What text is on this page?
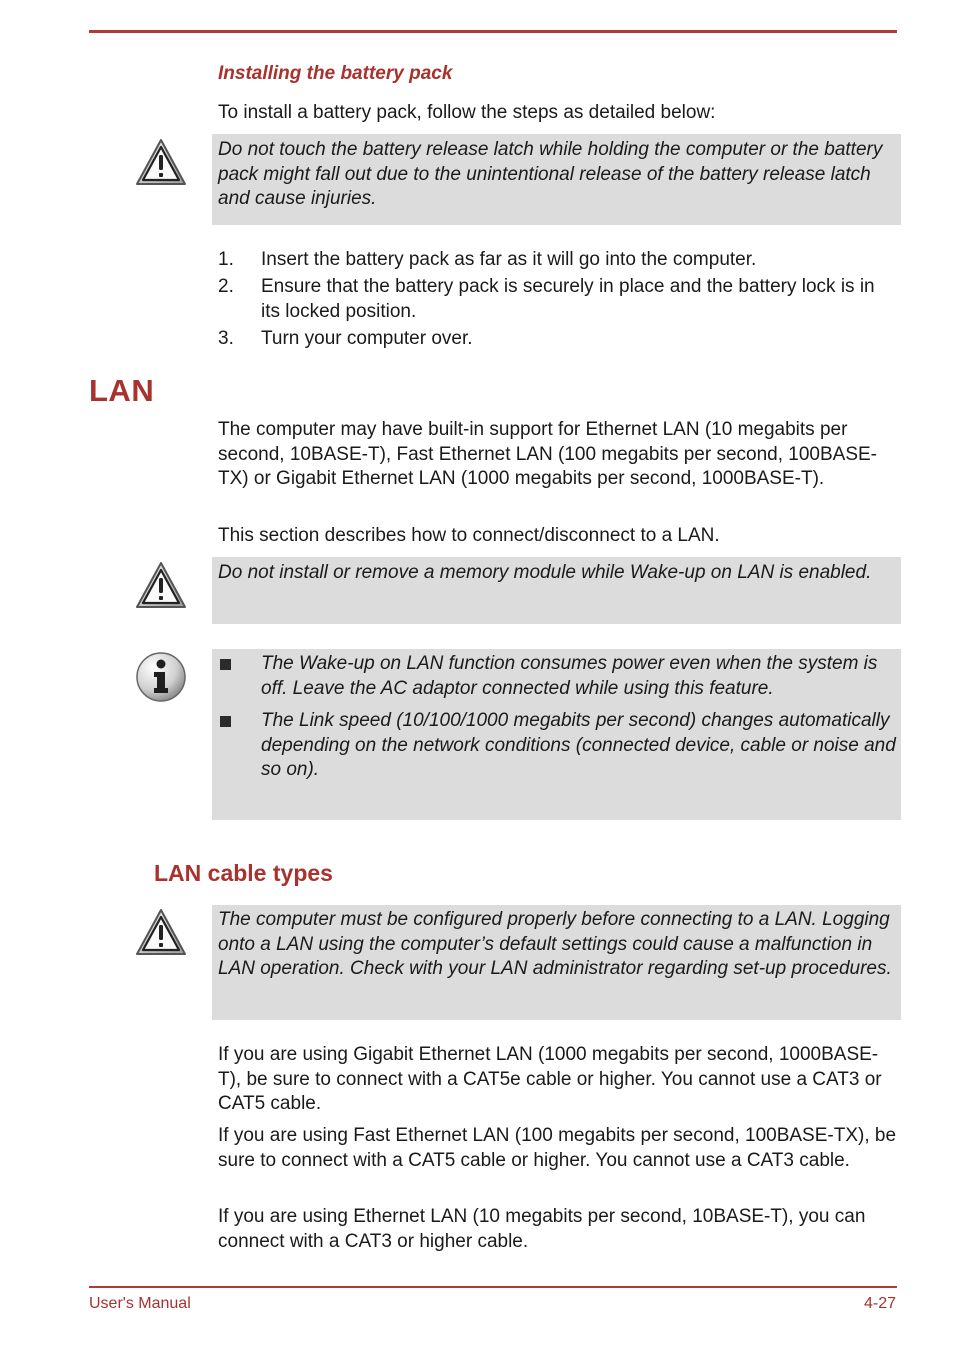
Installing the battery pack
To install a battery pack, follow the steps as detailed below:
Do not touch the battery release latch while holding the computer or the battery pack might fall out due to the unintentional release of the battery release latch and cause injuries.
1. Insert the battery pack as far as it will go into the computer.
2. Ensure that the battery pack is securely in place and the battery lock is in its locked position.
3. Turn your computer over.
LAN
The computer may have built-in support for Ethernet LAN (10 megabits per second, 10BASE-T), Fast Ethernet LAN (100 megabits per second, 100BASE-TX) or Gigabit Ethernet LAN (1000 megabits per second, 1000BASE-T).
This section describes how to connect/disconnect to a LAN.
Do not install or remove a memory module while Wake-up on LAN is enabled.
The Wake-up on LAN function consumes power even when the system is off. Leave the AC adaptor connected while using this feature.
The Link speed (10/100/1000 megabits per second) changes automatically depending on the network conditions (connected device, cable or noise and so on).
LAN cable types
The computer must be configured properly before connecting to a LAN. Logging onto a LAN using the computer’s default settings could cause a malfunction in LAN operation. Check with your LAN administrator regarding set-up procedures.
If you are using Gigabit Ethernet LAN (1000 megabits per second, 1000BASE-T), be sure to connect with a CAT5e cable or higher. You cannot use a CAT3 or CAT5 cable.
If you are using Fast Ethernet LAN (100 megabits per second, 100BASE-TX), be sure to connect with a CAT5 cable or higher. You cannot use a CAT3 cable.
If you are using Ethernet LAN (10 megabits per second, 10BASE-T), you can connect with a CAT3 or higher cable.
User's Manual	4-27
